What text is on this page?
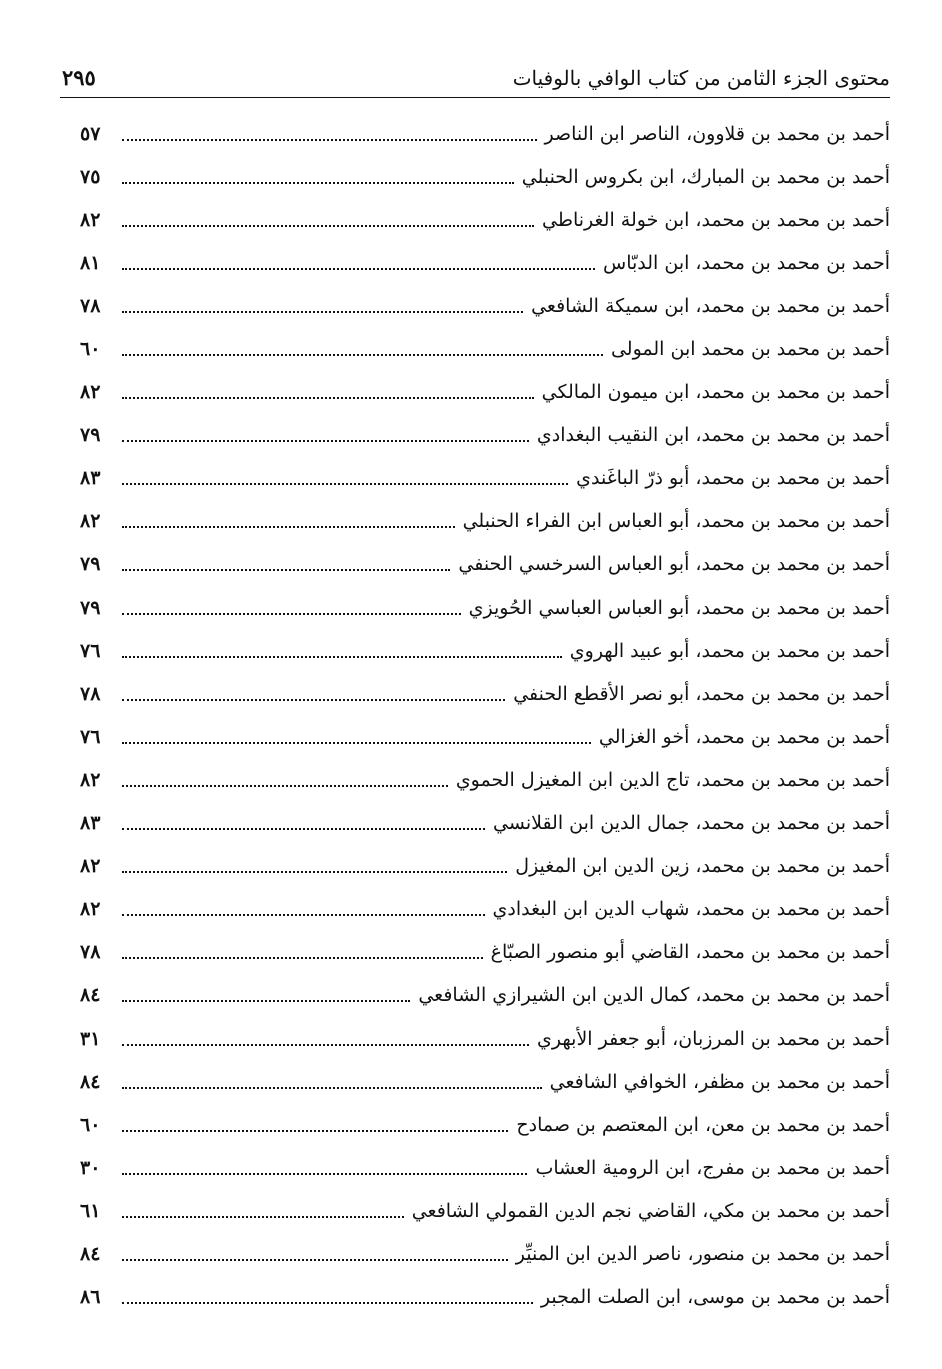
محتوى الجزء الثامن من كتاب الوافي بالوفيات
٢٩٥
أحمد بن محمد بن قلاوون، الناصر ابن الناصر
٥٧
أحمد بن محمد بن المبارك، ابن بكروس الحنبلي
٧٥
أحمد بن محمد بن محمد، ابن خولة الغرناطي
٨٢
أحمد بن محمد بن محمد، ابن الدبّاس
٨١
أحمد بن محمد بن محمد، ابن سميكة الشافعي
٧٨
أحمد بن محمد بن محمد ابن المولى
٦٠
أحمد بن محمد بن محمد، ابن ميمون المالكي
٨٢
أحمد بن محمد بن محمد، ابن النقيب البغدادي
٧٩
أحمد بن محمد بن محمد، أبو ذرّ الباغَندي
٨٣
أحمد بن محمد بن محمد، أبو العباس ابن الفراء الحنبلي
٨٢
أحمد بن محمد بن محمد، أبو العباس السرخسي الحنفي
٧٩
أحمد بن محمد بن محمد، أبو العباس العباسي الحُويزي
٧٩
أحمد بن محمد بن محمد، أبو عبيد الهروي
٧٦
أحمد بن محمد بن محمد، أبو نصر الأقطع الحنفي
٧٨
أحمد بن محمد بن محمد، أخو الغزالي
٧٦
أحمد بن محمد بن محمد، تاج الدين ابن المغيزل الحموي
٨٢
أحمد بن محمد بن محمد، جمال الدين ابن القلانسي
٨٣
أحمد بن محمد بن محمد، زين الدين ابن المغيزل
٨٢
أحمد بن محمد بن محمد، شهاب الدين ابن البغدادي
٨٢
أحمد بن محمد بن محمد، القاضي أبو منصور الصبّاغ
٧٨
أحمد بن محمد بن محمد، كمال الدين ابن الشيرازي الشافعي
٨٤
أحمد بن محمد بن المرزبان، أبو جعفر الأبهري
٣١
أحمد بن محمد بن مظفر، الخوافي الشافعي
٨٤
أحمد بن محمد بن معن، ابن المعتصم بن صمادح
٦٠
أحمد بن محمد بن مفرج، ابن الرومية العشاب
٣٠
أحمد بن محمد بن مكي، القاضي نجم الدين القمولي الشافعي
٦١
أحمد بن محمد بن منصور، ناصر الدين ابن المنيِّر
٨٤
أحمد بن محمد بن موسى، ابن الصلت المجبر
٨٦
